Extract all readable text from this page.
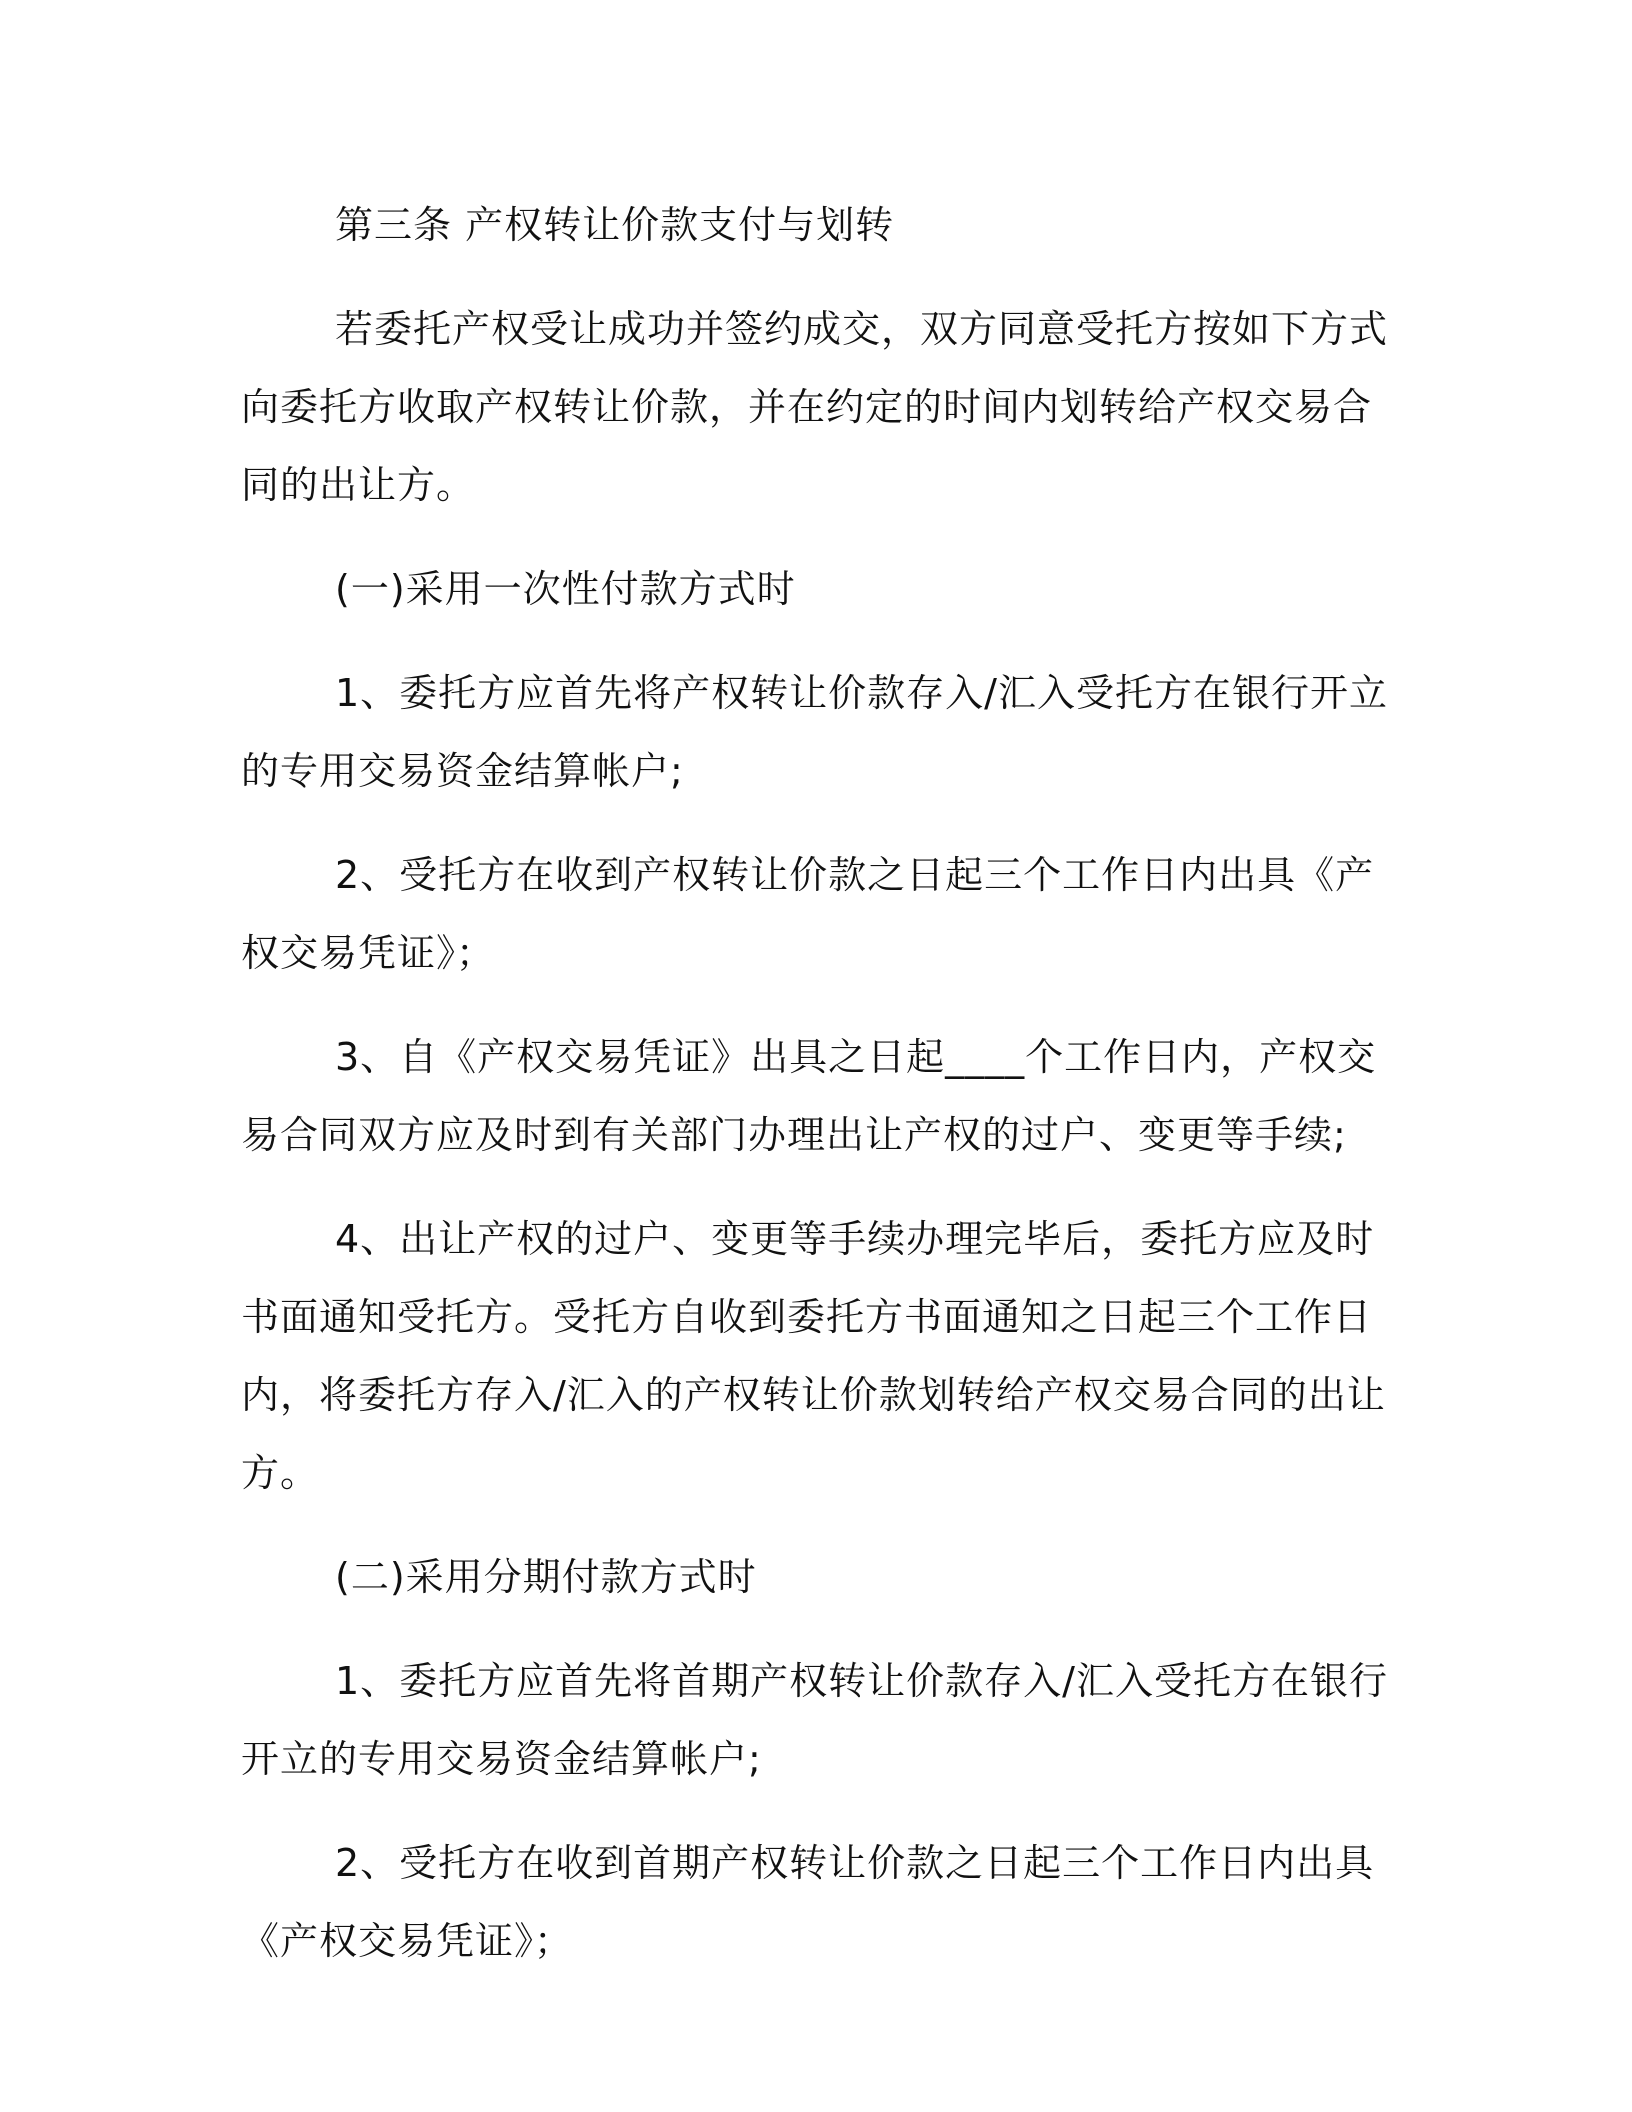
第三条 产权转让价款支付与划转

若委托产权受让成功并签约成交，双方同意受托方按如下方式向委托方收取产权转让价款，并在约定的时间内划转给产权交易合同的出让方。

(一)采用一次性付款方式时

1、委托方应首先将产权转让价款存入/汇入受托方在银行开立的专用交易资金结算帐户;

2、受托方在收到产权转让价款之日起三个工作日内出具《产权交易凭证》；

3、自《产权交易凭证》出具之日起____个工作日内，产权交易合同双方应及时到有关部门办理出让产权的过户、变更等手续;

4、出让产权的过户、变更等手续办理完毕后，委托方应及时书面通知受托方。受托方自收到委托方书面通知之日起三个工作日内，将委托方存入/汇入的产权转让价款划转给产权交易合同的出让方。

(二)采用分期付款方式时

1、委托方应首先将首期产权转让价款存入/汇入受托方在银行开立的专用交易资金结算帐户;

2、受托方在收到首期产权转让价款之日起三个工作日内出具《产权交易凭证》；
